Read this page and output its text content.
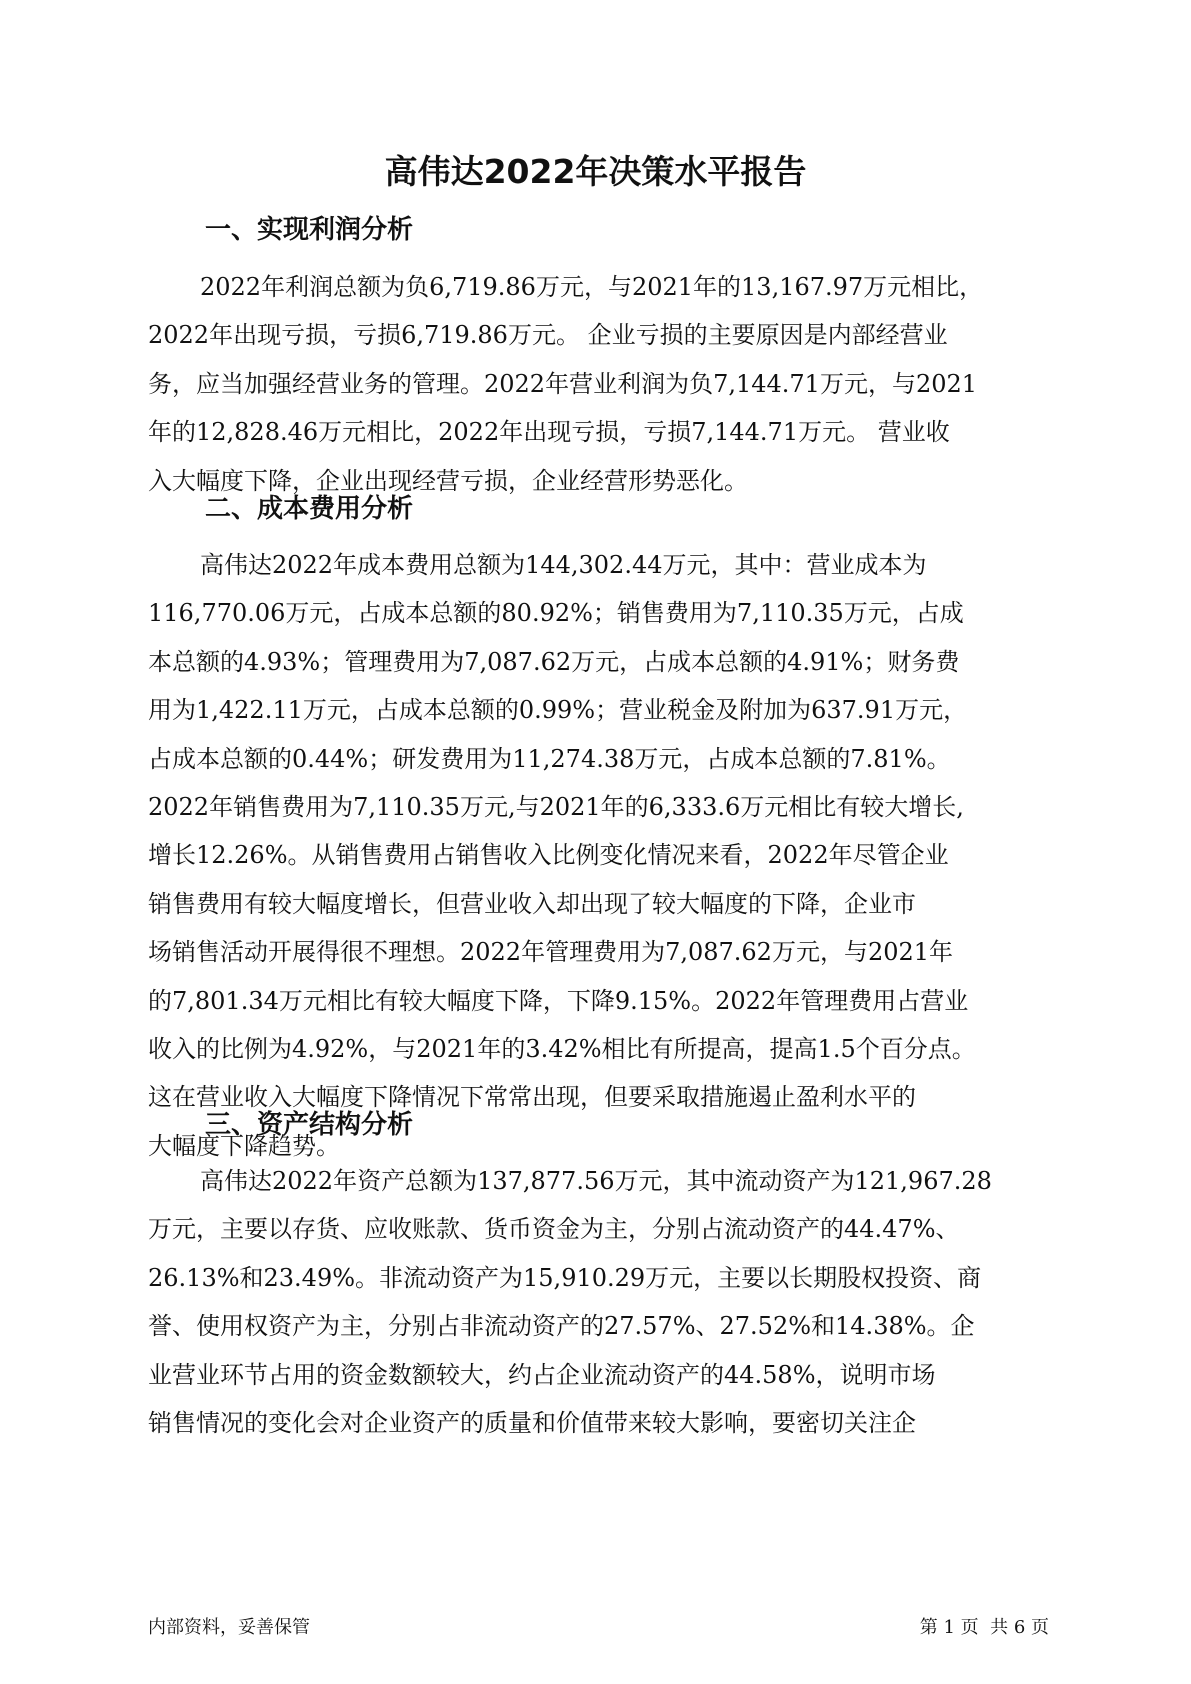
高伟达2022年决策水平报告
一、实现利润分析

2022年利润总额为负6,719.86万元，与2021年的13,167.97万元相比，
2022年出现亏损，亏损6,719.86万元。 企业亏损的主要原因是内部经营业
务，应当加强经营业务的管理。2022年营业利润为负7,144.71万元，与2021
年的12,828.46万元相比，2022年出现亏损，亏损7,144.71万元。 营业收
入大幅度下降，企业出现经营亏损，企业经营形势恶化。

二、成本费用分析

高伟达2022年成本费用总额为144,302.44万元，其中：营业成本为
116,770.06万元，占成本总额的80.92%；销售费用为7,110.35万元，占成
本总额的4.93%；管理费用为7,087.62万元，占成本总额的4.91%；财务费
用为1,422.11万元，占成本总额的0.99%；营业税金及附加为637.91万元，
占成本总额的0.44%；研发费用为11,274.38万元，占成本总额的7.81%。
2022年销售费用为7,110.35万元,与2021年的6,333.6万元相比有较大增长,
增长12.26%。从销售费用占销售收入比例变化情况来看，2022年尽管企业
销售费用有较大幅度增长，但营业收入却出现了较大幅度的下降，企业市
场销售活动开展得很不理想。2022年管理费用为7,087.62万元，与2021年
的7,801.34万元相比有较大幅度下降，下降9.15%。2022年管理费用占营业
收入的比例为4.92%，与2021年的3.42%相比有所提高，提高1.5个百分点。
这在营业收入大幅度下降情况下常常出现，但要采取措施遏止盈利水平的
大幅度下降趋势。

三、资产结构分析

高伟达2022年资产总额为137,877.56万元，其中流动资产为121,967.28
万元，主要以存货、应收账款、货币资金为主，分别占流动资产的44.47%、
26.13%和23.49%。非流动资产为15,910.29万元，主要以长期股权投资、商
誉、使用权资产为主，分别占非流动资产的27.57%、27.52%和14.38%。企
业营业环节占用的资金数额较大，约占企业流动资产的44.58%，说明市场
销售情况的变化会对企业资产的质量和价值带来较大影响，要密切关注企

内部资料，妥善保管	第 1 页  共 6 页
